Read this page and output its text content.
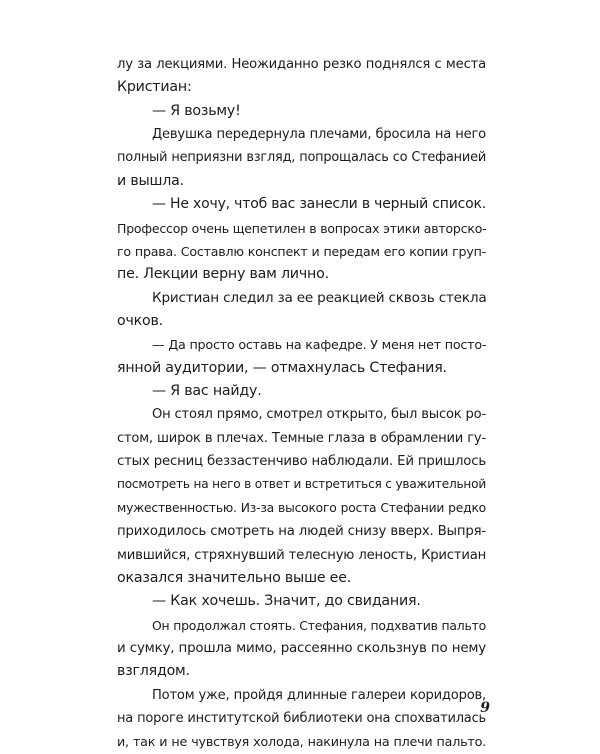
лу за лекциями. Неожиданно резко поднялся с места
Кристиан:
— Я возьму!
Девушка передернула плечами, бросила на него
полный неприязни взгляд, попрощалась со Стефанией
и вышла.
— Не хочу, чтоб вас занесли в черный список.
Профессор очень щепетилен в вопросах этики авторско-
го права. Составлю конспект и передам его копии груп-
пе. Лекции верну вам лично.
Кристиан следил за ее реакцией сквозь стекла
очков.
— Да просто оставь на кафедре. У меня нет посто-
янной аудитории, — отмахнулась Стефания.
— Я вас найду.
Он стоял прямо, смотрел открыто, был высок ро-
стом, широк в плечах. Темные глаза в обрамлении гу-
стых ресниц беззастенчиво наблюдали. Ей пришлось
посмотреть на него в ответ и встретиться с уважительной
мужественностью. Из-за высокого роста Стефании редко
приходилось смотреть на людей снизу вверх. Выпря-
мившийся, стряхнувший телесную леность, Кристиан
оказался значительно выше ее.
— Как хочешь. Значит, до свидания.
Он продолжал стоять. Стефания, подхватив пальто
и сумку, прошла мимо, рассеянно скользнув по нему
взглядом.
Потом уже, пройдя длинные галереи коридоров,
на пороге институтской библиотеки она спохватилась
и, так и не чувствуя холода, накинула на плечи пальто.
9
